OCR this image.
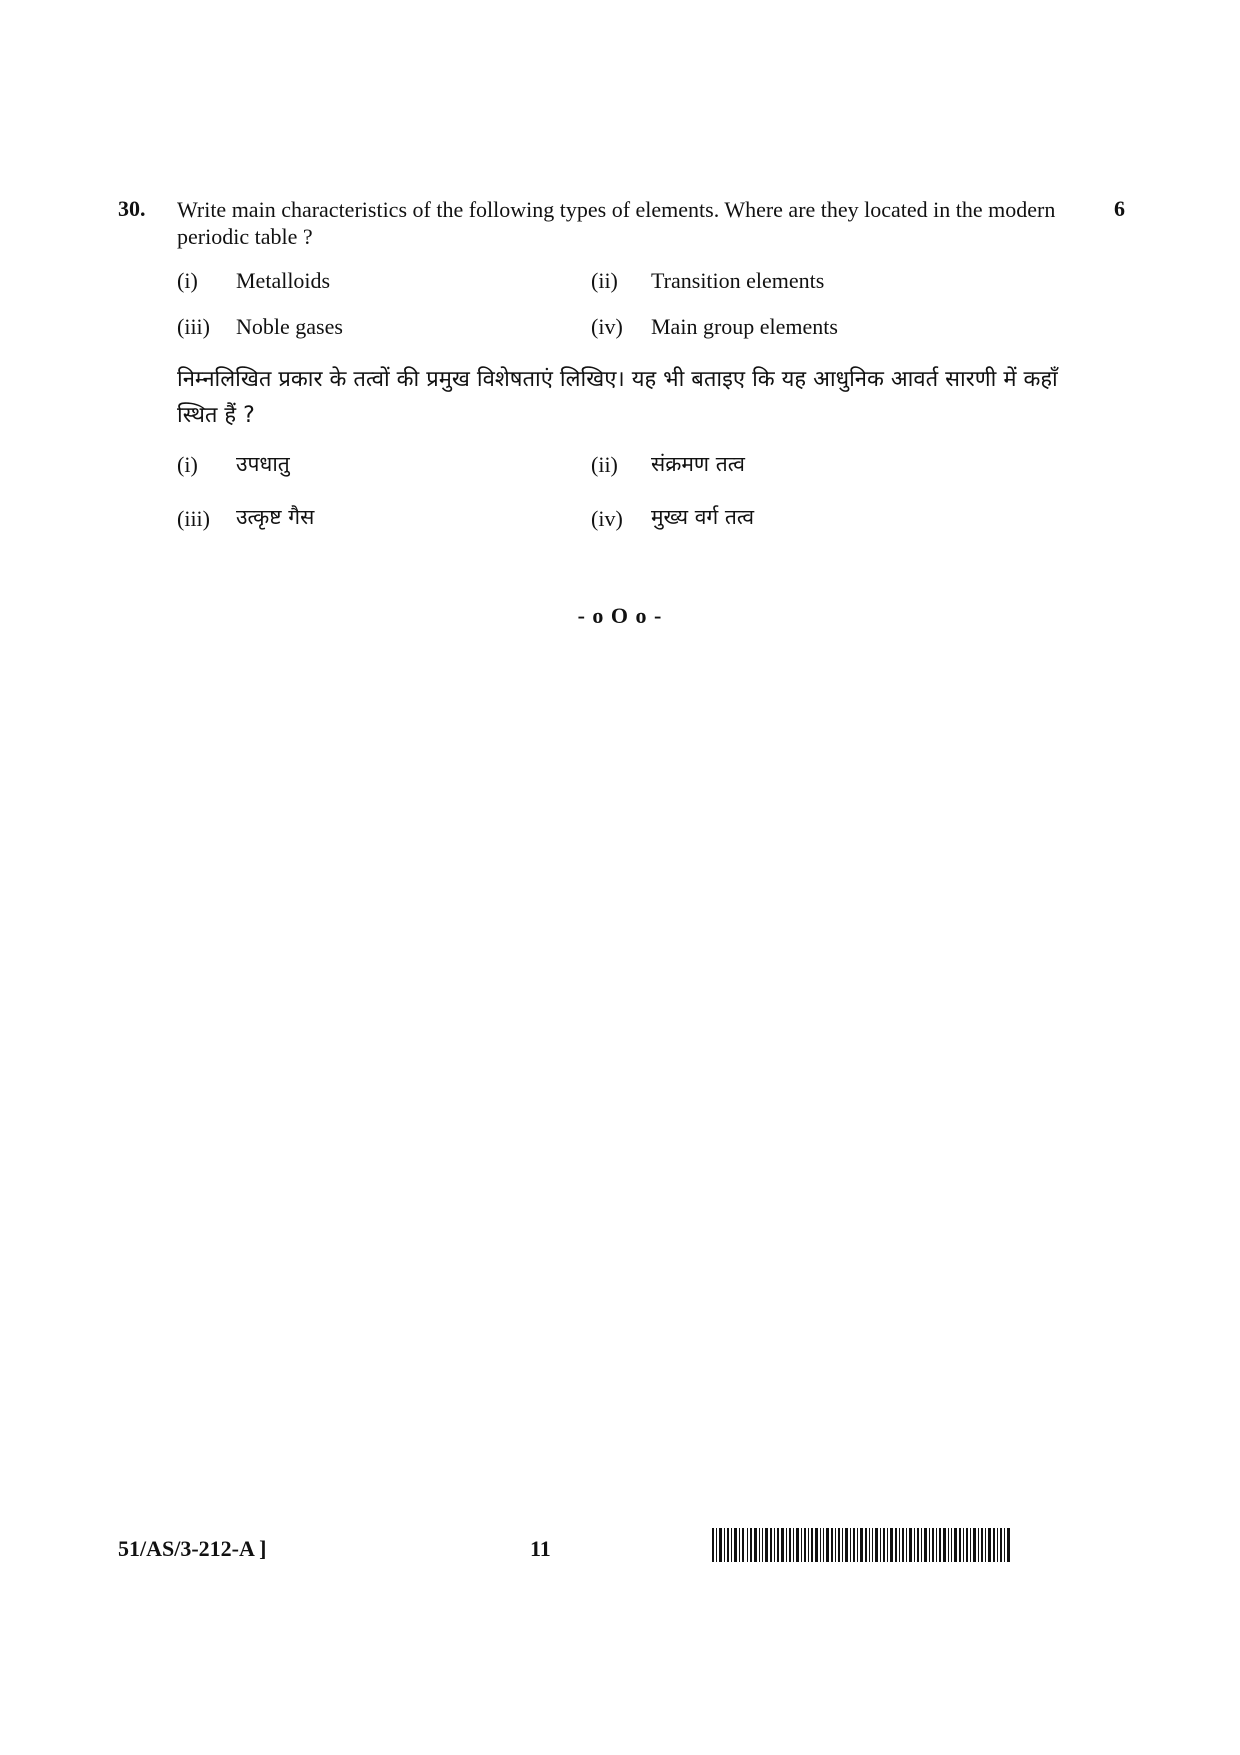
30. Write main characteristics of the following types of elements. Where are they located in the modern periodic table ?
6
(i) Metalloids	(ii) Transition elements
(iii) Noble gases	(iv) Main group elements
निम्नलिखित प्रकार के तत्वों की प्रमुख विशेषताएं लिखिए। यह भी बताइए कि यह आधुनिक आवर्त सारणी में कहाँ स्थित हैं ?
(i) उपधातु	(ii) संक्रमण तत्व
(iii) उत्कृष्ट गैस	(iv) मुख्य वर्ग तत्व
- o O o -
51/AS/3-212-A ]	11
